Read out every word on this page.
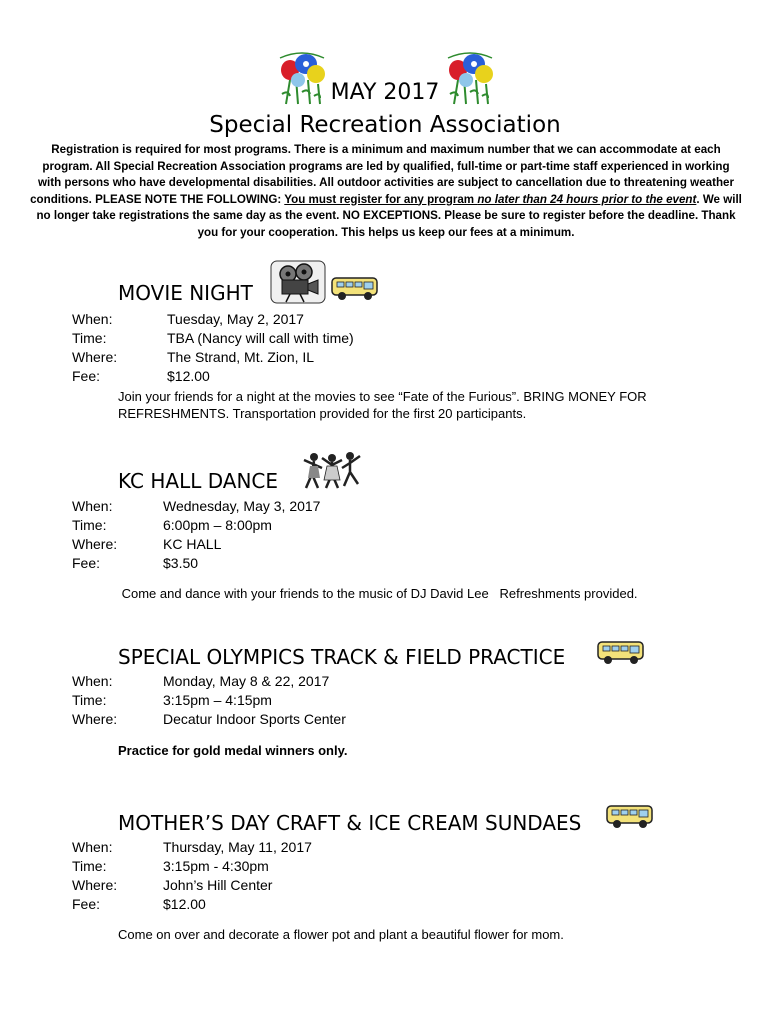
MAY 2017
Special Recreation Association
Registration is required for most programs. There is a minimum and maximum number that we can accommodate at each program. All Special Recreation Association programs are led by qualified, full-time or part-time staff experienced in working with persons who have developmental disabilities. All outdoor activities are subject to cancellation due to threatening weather conditions. PLEASE NOTE THE FOLLOWING: You must register for any program no later than 24 hours prior to the event. We will no longer take registrations the same day as the event. NO EXCEPTIONS. Please be sure to register before the deadline. Thank you for your cooperation. This helps us keep our fees at a minimum.
MOVIE NIGHT
When:
Time:
Where:
Fee:
Tuesday, May 2, 2017
TBA (Nancy will call with time)
The Strand, Mt. Zion, IL
$12.00
Join your friends for a night at the movies to see “Fate of the Furious”. BRING MONEY FOR REFRESHMENTS. Transportation provided for the first 20 participants.
KC HALL DANCE
When:
Time:
Where:
Fee:
Wednesday, May 3, 2017
6:00pm – 8:00pm
KC HALL
$3.50
Come and dance with your friends to the music of DJ David Lee   Refreshments provided.
SPECIAL OLYMPICS TRACK & FIELD PRACTICE
When:
Time:
Where:
Monday, May 8 & 22, 2017
3:15pm – 4:15pm
Decatur Indoor Sports Center
Practice for gold medal winners only.
MOTHER’S DAY CRAFT & ICE CREAM SUNDAES
When:
Time:
Where:
Fee:
Thursday, May 11, 2017
3:15pm - 4:30pm
John’s Hill Center
$12.00
Come on over and decorate a flower pot and plant a beautiful flower for mom.
